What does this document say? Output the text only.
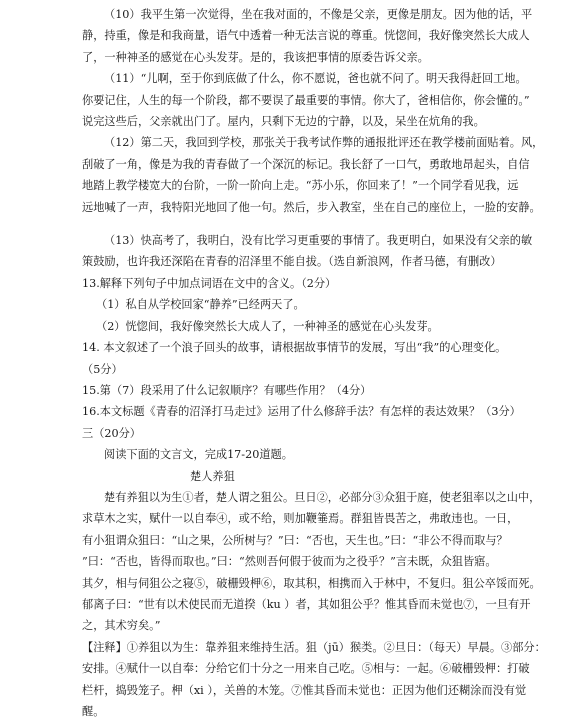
（10）我平生第一次觉得，坐在我对面的，不像是父亲，更像是朋友。因为他的话，平
静，持重，像是和我商量，语气中透着一种无法言说的尊重。恍惚间，我好像突然长大成人
了，一种神圣的感觉在心头发芽。是的，我该把事情的原委告诉父亲。
（11）“儿啊，至于你到底做了什么，你不愿说，爸也就不问了。明天我得赶回工地。
你要记住，人生的每一个阶段，都不要误了最重要的事情。你大了，爸相信你，你会懂的。”
说完这些后，父亲就出门了。屋内，只剩下无边的宁静，以及，呆坐在炕角的我。
（12）第二天，我回到学校，那张关于我考试作弊的通报批评还在教学楼前面贴着。风，
刮破了一角，像是为我的青春做了一个深沉的标记。我长舒了一口气，勇敢地昂起头，自信
地踏上教学楼宽大的台阶，一阶一阶向上走。“苏小乐，你回来了！”一个同学看见我，远
远地喊了一声，我特阳光地回了他一句。然后，步入教室，坐在自己的座位上，一脸的安静。
（13）快高考了，我明白，没有比学习更重要的事情了。我更明白，如果没有父亲的敏
策鼓励，也许我还深陷在青春的沼泽里不能自拔。（选自新浪网，作者马德，有删改）
13.解释下列句子中加点词语在文中的含义。（2分）
（1）私自从学校回家“静养”已经两天了。
（2）恍惚间，我好像突然长大成人了，一种神圣的感觉在心头发芽。
14. 本文叙述了一个浪子回头的故事，请根据故事情节的发展，写出“我”的心理变化。
（5分）
15.第（7）段采用了什么记叙顺序？有哪些作用？（4分）
16.本文标题《青春的沼泽打马走过》运用了什么修辞手法？有怎样的表达效果？（3分）
三（20分）
阅读下面的文言文，完成17-20道题。
楚人养狙
楚有养狙以为生①者，楚人谓之狙公。旦日②，必部分③众狙于庭，使老狙率以之山中，
求草木之实，赋什一以自奉④，或不给，则加鞭箠焉。群狙皆畏苦之，弗敢违也。一日，
有小狙谓众狙曰：“山之果，公所树与？”曰：“否也，天生也。”曰：“非公不得而取与？
”曰：“否也，皆得而取也。”曰：“然则吾何假于彼而为之役乎？”言未既，众狙皆寤。
其夕，相与伺狙公之寝⑤，破栅毁柙⑥，取其积，相携而入于林中，不复归。狙公卒馁而死。
郁离子曰：“世有以术使民而无道揆（ku ）者，其如狙公乎？惟其昏而未觉也⑦，一旦有开
之，其术穷矣。”
【注释】①养狙以为生：靠养狙来维持生活。狙（jū）猴类。②旦日：（每天）早晨。③部分：
安排。④赋什一以自奉：分给它们十分之一用来自己吃。⑤相与：一起。⑥破栅毁柙：打破
栏杆，捣毁笼子。柙（xi ），关兽的木笼。⑦惟其昏而未觉也：正因为他们还糊涂而没有觉
醒。
